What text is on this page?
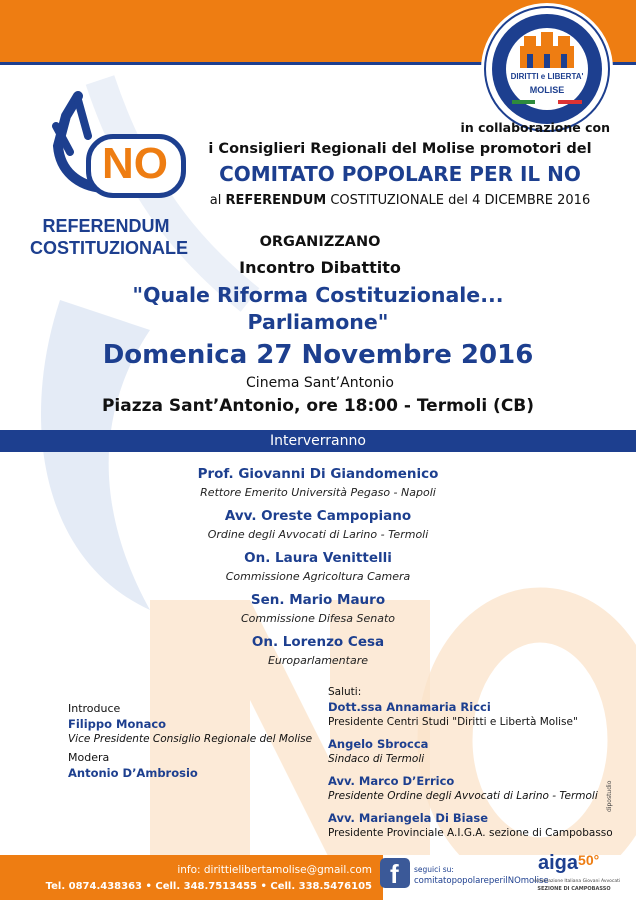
DIRITTI e LIBERTA'
MOLISE
NO
REFERENDUM
COSTITUZIONALE
in collaborazione con
i Consiglieri Regionali del Molise promotori del
COMITATO POPOLARE PER IL NO
al REFERENDUM COSTITUZIONALE del 4 DICEMBRE 2016
ORGANIZZANO
Incontro Dibattito
"Quale Riforma Costituzionale...
Parliamone"
Domenica 27 Novembre 2016
Cinema Sant’Antonio
Piazza Sant’Antonio, ore 18:00 - Termoli (CB)
Interverranno
Prof. Giovanni Di Giandomenico
Rettore Emerito Università Pegaso - Napoli
Avv. Oreste Campopiano
Ordine degli Avvocati di Larino - Termoli
On. Laura Venittelli
Commissione Agricoltura Camera
Sen. Mario Mauro
Commissione Difesa Senato
On. Lorenzo Cesa
Europarlamentare
Introduce
Filippo Monaco
Vice Presidente Consiglio Regionale del Molise
Modera
Antonio D’Ambrosio
Saluti:
Dott.ssa Annamaria Ricci
Presidente Centri Studi "Diritti e Libertà Molise"
Angelo Sbrocca
Sindaco di Termoli
Avv. Marco D’Errico
Presidente Ordine degli Avvocati di Larino - Termoli
Avv. Mariangela Di Biase
Presidente Provinciale A.I.G.A. sezione di Campobasso
dipostudio
info: dirittielibertamolise@gmail.com
Tel. 0874.438363 • Cell. 348.7513455 • Cell. 338.5476105 f seguici su:
comitatopopolareperilNOmolise
aiga50°
Associazione Italiana Giovani Avvocati
SEZIONE DI CAMPOBASSO
